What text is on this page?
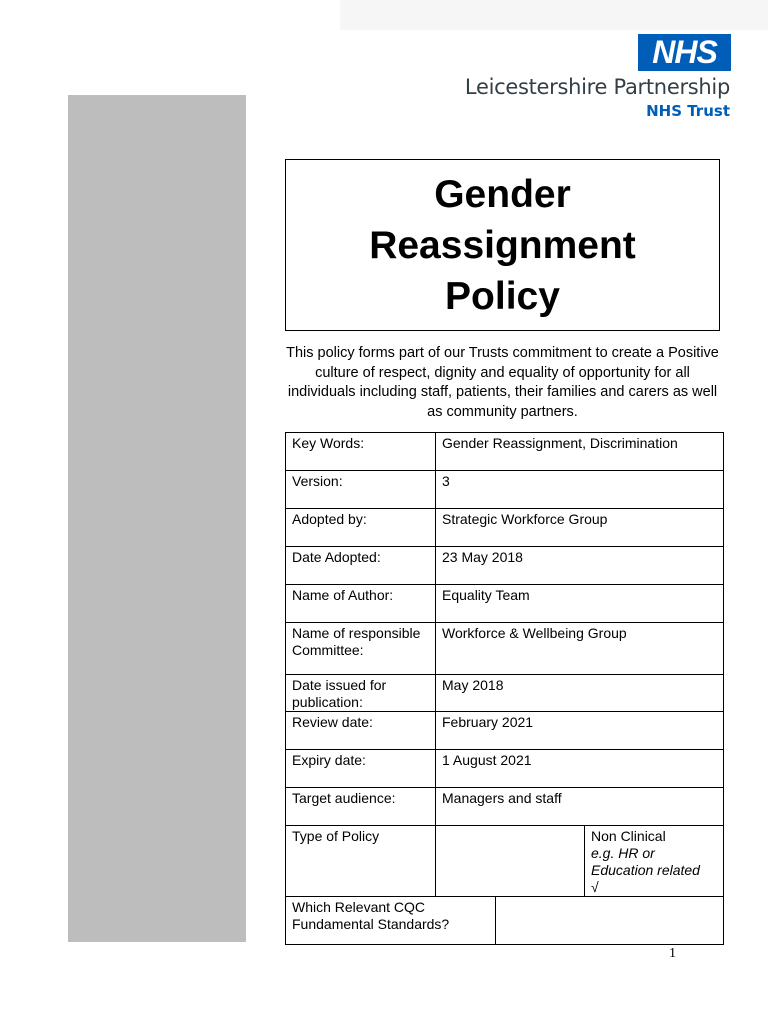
NHS
Leicestershire Partnership
NHS Trust
Gender
Reassignment
Policy
This policy forms part of our Trusts commitment to create a Positive culture of respect, dignity and equality of opportunity for all individuals including staff, patients, their families and carers as well as community partners.
Key Words:	Gender Reassignment, Discrimination		
Version:	3		
Adopted by:	Strategic Workforce Group		
Date Adopted:	23 May 2018		
Name of Author:	Equality Team		
Name of responsible Committee:	Workforce & Wellbeing Group		
Date issued for publication:	May 2018		
Review date:	February 2021		
Expiry date:	1 August 2021		
Target audience:	Managers and staff		
Type of Policy			Non Clinical
e.g. HR or Education related
√

Which Relevant CQC Fundamental Standards?			
1
